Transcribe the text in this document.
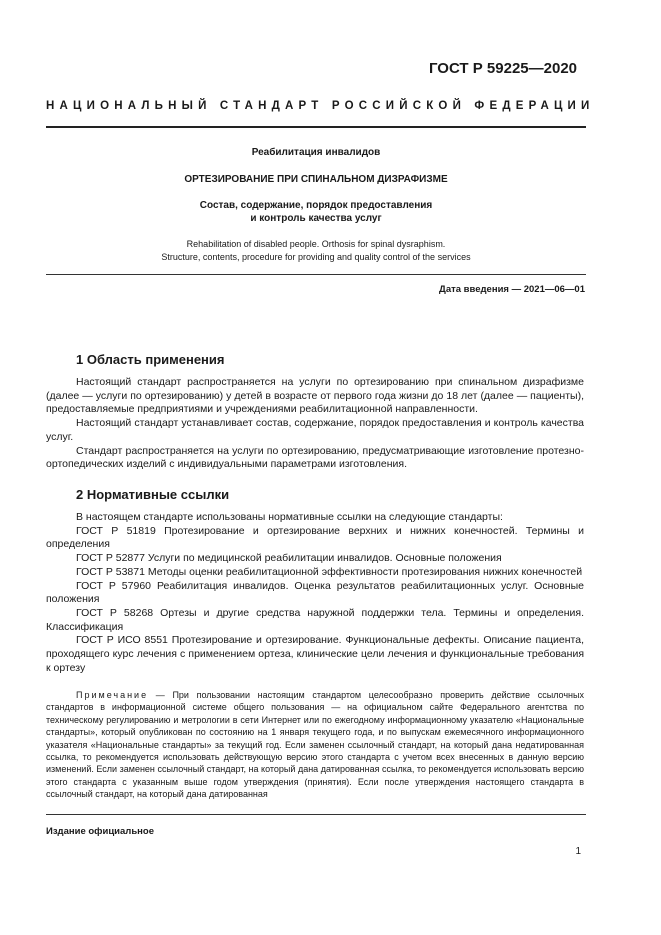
ГОСТ Р 59225—2020
НАЦИОНАЛЬНЫЙ СТАНДАРТ РОССИЙСКОЙ ФЕДЕРАЦИИ
Реабилитация инвалидов
ОРТЕЗИРОВАНИЕ ПРИ СПИНАЛЬНОМ ДИЗРАФИЗМЕ
Состав, содержание, порядок предоставления
и контроль качества услуг
Rehabilitation of disabled people. Orthosis for spinal dysraphism.
Structure, contents, procedure for providing and quality control of the services
Дата введения — 2021—06—01
1 Область применения
Настоящий стандарт распространяется на услуги по ортезированию при спинальном дизрафизме (далее — услуги по ортезированию) у детей в возрасте от первого года жизни до 18 лет (далее — пациенты), предоставляемые предприятиями и учреждениями реабилитационной направленности.
Настоящий стандарт устанавливает состав, содержание, порядок предоставления и контроль качества услуг.
Стандарт распространяется на услуги по ортезированию, предусматривающие изготовление протезно-ортопедических изделий с индивидуальными параметрами изготовления.
2 Нормативные ссылки
В настоящем стандарте использованы нормативные ссылки на следующие стандарты:
ГОСТ Р 51819 Протезирование и ортезирование верхних и нижних конечностей. Термины и определения
ГОСТ Р 52877 Услуги по медицинской реабилитации инвалидов. Основные положения
ГОСТ Р 53871 Методы оценки реабилитационной эффективности протезирования нижних конечностей
ГОСТ Р 57960 Реабилитация инвалидов. Оценка результатов реабилитационных услуг. Основные положения
ГОСТ Р 58268 Ортезы и другие средства наружной поддержки тела. Термины и определения. Классификация
ГОСТ Р ИСО 8551 Протезирование и ортезирование. Функциональные дефекты. Описание пациента, проходящего курс лечения с применением ортеза, клинические цели лечения и функциональные требования к ортезу
Примечание — При пользовании настоящим стандартом целесообразно проверить действие ссылочных стандартов в информационной системе общего пользования — на официальном сайте Федерального агентства по техническому регулированию и метрологии в сети Интернет или по ежегодному информационному указателю «Национальные стандарты», который опубликован по состоянию на 1 января текущего года, и по выпускам ежемесячного информационного указателя «Национальные стандарты» за текущий год. Если заменен ссылочный стандарт, на который дана недатированная ссылка, то рекомендуется использовать действующую версию этого стандарта с учетом всех внесенных в данную версию изменений. Если заменен ссылочный стандарт, на который дана датированная ссылка, то рекомендуется использовать версию этого стандарта с указанным выше годом утверждения (принятия). Если после утверждения настоящего стандарта в ссылочный стандарт, на который дана датированная
Издание официальное
1
